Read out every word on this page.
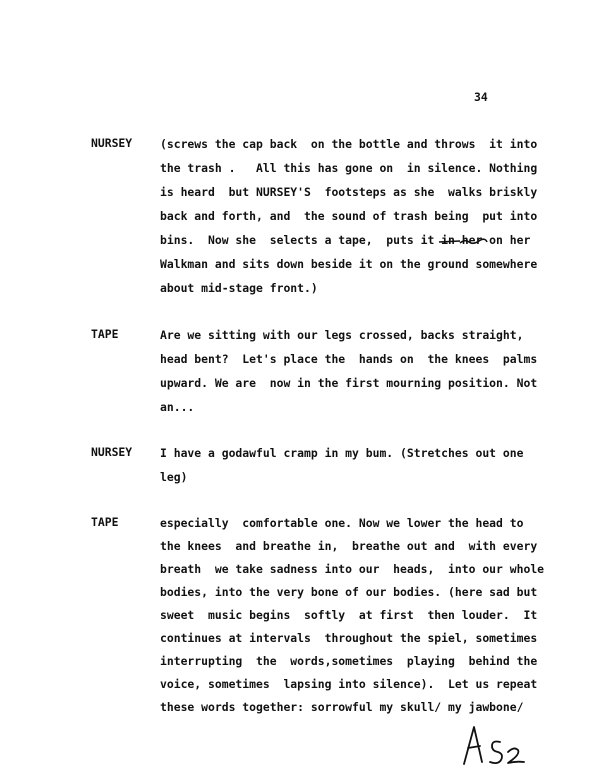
34
NURSEY (screws the cap back  on the bottle and throws  it into
the trash .   All this has gone on  in silence. Nothing
is heard  but NURSEY'S  footsteps as she  walks briskly
back and forth, and  the sound of trash being  put into
bins.  Now she  selects a tape,  puts it in her
on her
Walkman and sits down beside it on the ground somewhere
about mid-stage front.)
TAPE	Are we sitting with our legs crossed, backs straight,
head bent?  Let's place the  hands on  the knees  palms
upward. We are  now in the first mourning position. Not
an...
NURSEY I have a godawful cramp in my bum. (Stretches out one
leg)
TAPE	especially  comfortable one. Now we lower the head to
the knees  and breathe in,  breathe out and  with every
breath  we take sadness into our  heads,  into our whole
bodies, into the very bone of our bodies. (here sad but
sweet  music begins  softly  at first  then louder.  It
continues at intervals  throughout the spiel, sometimes
interrupting  the  words,sometimes  playing  behind the
voice, sometimes  lapsing into silence).  Let us repeat
these words together: sorrowful my skull/ my jawbone/
